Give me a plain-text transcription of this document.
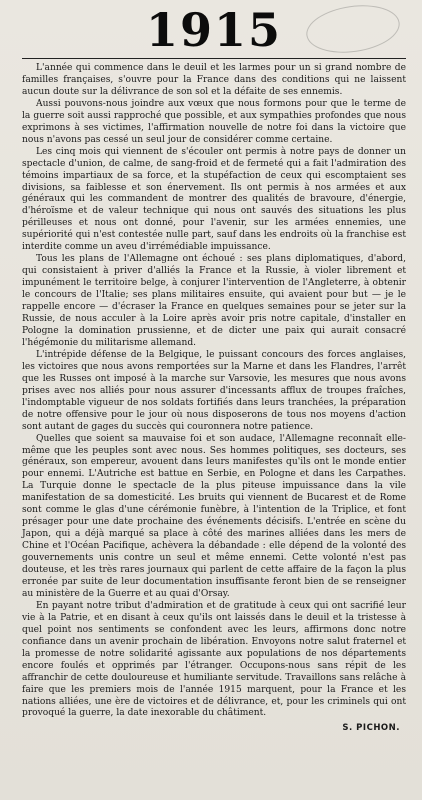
1915

L'année qui commence dans le deuil et les larmes pour un si grand nombre de familles françaises, s'ouvre pour la France dans des conditions qui ne laissent aucun doute sur la délivrance de son sol et la défaite de ses ennemis.

Aussi pouvons-nous joindre aux vœux que nous formons pour que le terme de la guerre soit aussi rapproché que possible, et aux sympathies profondes que nous exprimons à ses victimes, l'affirmation nouvelle de notre foi dans la victoire que nous n'avons pas cessé un seul jour de considérer comme certaine.

Les cinq mois qui viennent de s'écouler ont permis à notre pays de donner un spectacle d'union, de calme, de sang-froid et de fermeté qui a fait l'admiration des témoins impartiaux de sa force, et la stupéfaction de ceux qui escomptaient ses divisions, sa faiblesse et son énervement. Ils ont permis à nos armées et aux généraux qui les commandent de montrer des qualités de bravoure, d'énergie, d'héroïsme et de valeur technique qui nous ont sauvés des situations les plus périlleuses et nous ont donné, pour l'avenir, sur les armées ennemies, une supériorité qui n'est contestée nulle part, sauf dans les endroits où la franchise est interdite comme un aveu d'irrémédiable impuissance.

Tous les plans de l'Allemagne ont échoué : ses plans diplomatiques, d'abord, qui consistaient à priver d'alliés la France et la Russie, à violer librement et impunément le territoire belge, à conjurer l'intervention de l'Angleterre, à obtenir le concours de l'Italie; ses plans militaires ensuite, qui avaient pour but — je le rappelle encore — d'écraser la France en quelques semaines pour se jeter sur la Russie, de nous acculer à la Loire après avoir pris notre capitale, d'installer en Pologne la domination prussienne, et de dicter une paix qui aurait consacré l'hégémonie du militarisme allemand.

L'intrépide défense de la Belgique, le puissant concours des forces anglaises, les victoires que nous avons remportées sur la Marne et dans les Flandres, l'arrêt que les Russes ont imposé à la marche sur Varsovie, les mesures que nous avons prises avec nos alliés pour nous assurer d'incessants afflux de troupes fraîches, l'indomptable vigueur de nos soldats fortifiés dans leurs tranchées, la préparation de notre offensive pour le jour où nous disposerons de tous nos moyens d'action sont autant de gages du succès qui couronnera notre patience.

Quelles que soient sa mauvaise foi et son audace, l'Allemagne reconnaît elle-même que les peuples sont avec nous. Ses hommes politiques, ses docteurs, ses généraux, son empereur, avouent dans leurs manifestes qu'ils ont le monde entier pour ennemi. L'Autriche est battue en Serbie, en Pologne et dans les Carpathes. La Turquie donne le spectacle de la plus piteuse impuissance dans la vile manifestation de sa domesticité. Les bruits qui viennent de Bucarest et de Rome sont comme le glas d'une cérémonie funèbre, à l'intention de la Triplice, et font présager pour une date prochaine des événements décisifs. L'entrée en scène du Japon, qui a déjà marqué sa place à côté des marines alliées dans les mers de Chine et l'Océan Pacifique, achèvera la débandade : elle dépend de la volonté des gouvernements unis contre un seul et même ennemi. Cette volonté n'est pas douteuse, et les très rares journaux qui parlent de cette affaire de la façon la plus erronée par suite de leur documentation insuffisante feront bien de se renseigner au ministère de la Guerre et au quai d'Orsay.

En payant notre tribut d'admiration et de gratitude à ceux qui ont sacrifié leur vie à la Patrie, et en disant à ceux qu'ils ont laissés dans le deuil et la tristesse à quel point nos sentiments se confondent avec les leurs, affirmons donc notre confiance dans un avenir prochain de libération. Envoyons notre salut fraternel et la promesse de notre solidarité agissante aux populations de nos départements encore foulés et opprimés par l'étranger. Occupons-nous sans répit de les affranchir de cette douloureuse et humiliante servitude. Travaillons sans relâche à faire que les premiers mois de l'année 1915 marquent, pour la France et les nations alliées, une ère de victoires et de délivrance, et, pour les criminels qui ont provoqué la guerre, la date inexorable du châtiment.

S. PICHON.
